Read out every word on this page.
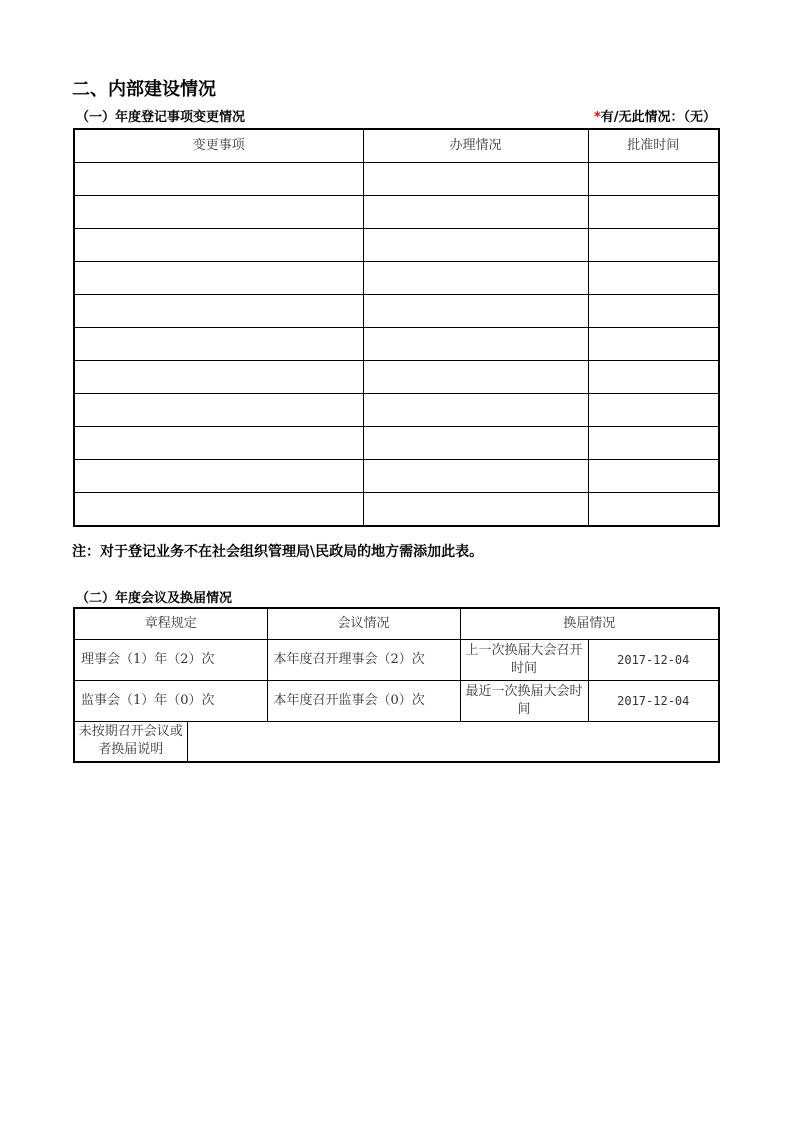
二、内部建设情况
（一）年度登记事项变更情况	*有/无此情况：（无）
变更事项	办理情况	批准时间

注：对于登记业务不在社会组织管理局\民政局的地方需添加此表。
（二）年度会议及换届情况
章程规定		会议情况	换届情况	
理事会（1）年（2）次		本年度召开理事会（2）次	上一次换届大会召开时间	2017-12-04
监事会（1）年（0）次		本年度召开监事会（0）次	最近一次换届大会时间	2017-12-04
未按期召开会议或者换届说明				
